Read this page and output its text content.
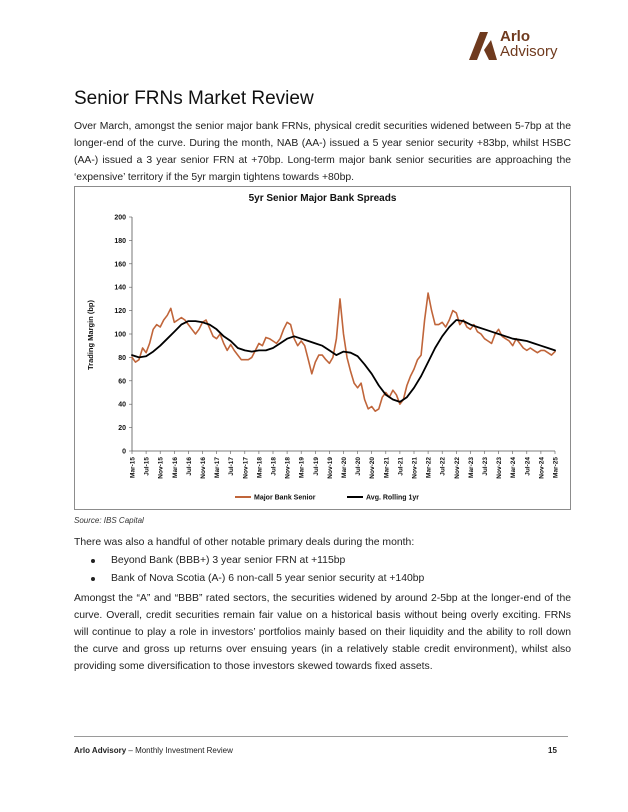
Arlo
Advisory
Senior FRNs Market Review

Over March, amongst the senior major bank FRNs, physical credit securities widened between 5-7bp at the longer-end of the curve. During the month, NAB (AA-) issued a 5 year senior security +83bp, whilst HSBC (AA-) issued a 3 year senior FRN at +70bp. Long-term major bank senior securities are approaching the ‘expensive’ territory if the 5yr margin tightens towards +80bp.

5yr Senior Major Bank Spreads
Trading Margin (bp)
0
20
40
60
80
100
120
140
160
180
200
Mar-15 Jul-15 Nov-15 Mar-16 Jul-16 Nov-16 Mar-17 Jul-17 Nov-17 Mar-18 Jul-18 Nov-18 Mar-19 Jul-19 Nov-19 Mar-20 Jul-20 Nov-20 Mar-21 Jul-21 Nov-21 Mar-22 Jul-22 Nov-22 Mar-23 Jul-23 Nov-23 Mar-24 Jul-24 Nov-24 Mar-25
Major Bank Senior	Avg. Rolling 1yr
Source: IBS Capital

There was also a handful of other notable primary deals during the month:

Beyond Bank (BBB+) 3 year senior FRN at +115bp
Bank of Nova Scotia (A-) 6 non-call 5 year senior security at +140bp

Amongst the “A” and “BBB” rated sectors, the securities widened by around 2-5bp at the longer-end of the curve. Overall, credit securities remain fair value on a historical basis without being overly exciting. FRNs will continue to play a role in investors’ portfolios mainly based on their liquidity and the ability to roll down the curve and gross up returns over ensuing years (in a relatively stable credit environment), whilst also providing some diversification to those investors skewed towards fixed assets.

Arlo Advisory – Monthly Investment Review	15
